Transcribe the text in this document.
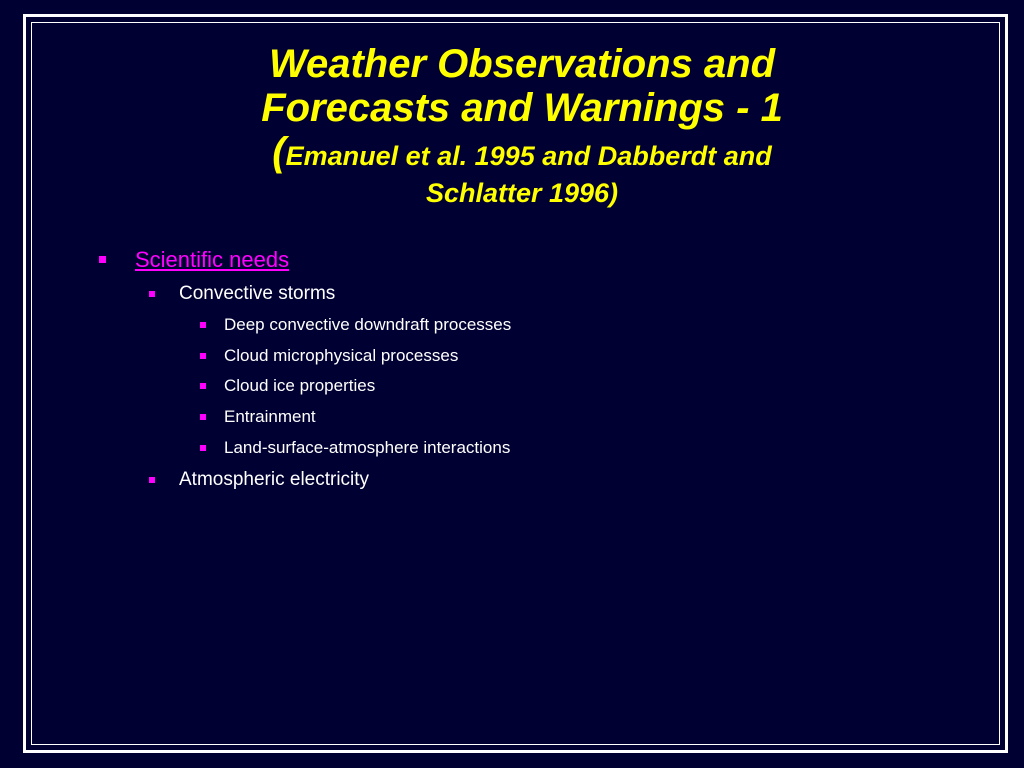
Weather Observations and
Forecasts and Warnings - 1
(Emanuel et al. 1995 and Dabberdt and
Schlatter 1996)
Scientific needs
Convective storms
Deep convective downdraft processes
Cloud microphysical processes
Cloud ice properties
Entrainment
Land-surface-atmosphere interactions
Atmospheric electricity
